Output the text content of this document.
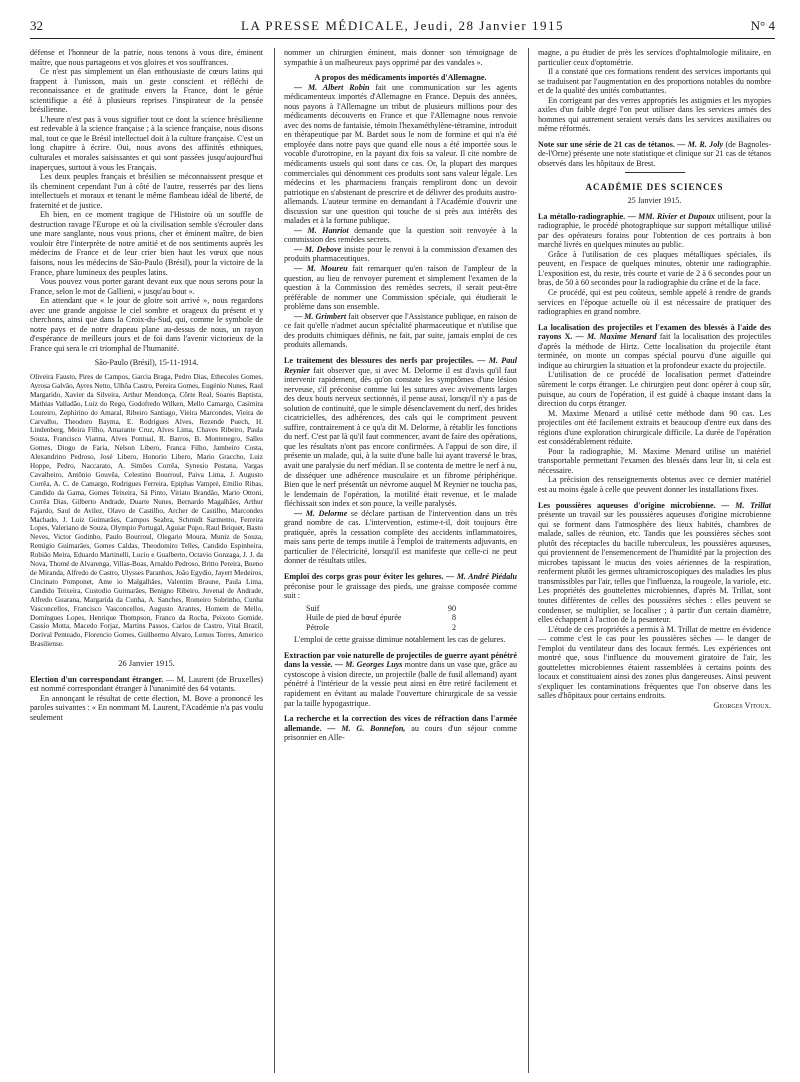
32	LA PRESSE MÉDICALE, Jeudi, 28 Janvier 1915	N° 4

défense et l'honneur de la patrie, nous tenons à vous dire, éminent maître, que nous partageons et vos gloires et vos souffrances.

Ce n'est pas simplement un élan enthousiaste de cœurs latins qui frappent à l'unisson, mais un geste conscient et réfléchi de reconnaissance et de gratitude envers la France, dont le génie scientifique a été à plusieurs reprises l'inspirateur de la pensée brésilienne.

L'heure n'est pas à vous signifier tout ce dont la science brésilienne est redevable à la science française ; à la science française, nous disons mal, tout ce que le Brésil intellectuel doit à la culture française. C'est un long chapitre à écrire. Oui, nous avons des affinités ethniques, culturales et morales saisissantes et qui sont passées jusqu'aujourd'hui inaperçues, surtout à vous les Français.

Les deux peuples français et brésilien se méconnaissent presque et ils cheminent cependant l'un à côté de l'autre, resserrés par des liens intellectuels et moraux et tenant le même flambeau idéal de liberté, de fraternité et de justice.

Eh bien, en ce moment tragique de l'Histoire où un souffle de destruction ravage l'Europe et où la civilisation semble s'écrouler dans une mare sanglante, nous vous prions, cher et éminent maître, de bien vouloir être l'interprète de notre amitié et de nos sentiments auprès les médecins de France et de leur crier bien haut les vœux que nous faisons, nous les médecins de São-Paulo (Brésil), pour la victoire de la France, phare lumineux des peuples latins.

Vous pouvez vous porter garant devant eux que nous serons pour la France, selon le mot de Gallieni, « jusqu'au bout ».

En attendant que « le jour de gloire soit arrivé », nous regardons avec une grande angoisse le ciel sombre et orageux du présent et y cherchons, ainsi que dans la Croix-du-Sud, qui, comme le symbole de notre pays et de notre drapeau plane au-dessus de nous, un rayon d'espérance de meilleurs jours et de foi dans l'avenir victorieux de la France qui sera le cri triomphal de l'humanité.

São-Paulo (Brésil), 15-11-1914.

Oliveira Fausto, Pires de Campos, Garcia Braga, Pedro Dias, Ethecoles Gomes, Ayrosa Galvão, Ayres Netto, Ulhôa Castro, Pereira Gomes, Eugénio Nunes, Raul Margarido, Xavier da Silveira, Arthur Mendonça, Côrte Real, Soares Baptista, Mathias Valladão, Luiz do Rego, Godofredo Wilken, Mello Camargo, Casimira Loureiro, Zephirino do Amaral, Ribeiro Santiago, Vieira Marcondes, Vieira de Carvalho, Theodoro Bayma, E. Rodrigues Alves, Rezende Puech, H. Lindenberg, Meira Filho, Amarante Cruz, Alves Lima, Chaves Ribeiro, Paula Souza, Francisco Vianna, Alves Pontual, R. Barros, B. Montenegro, Salles Gomes, Diogo de Faria, Nelson Libero, Franca Filho, Jambeiro Costa, Alexandrino Pedroso, José Libero, Honorio Libero, Mario Graccho, Luiz Hoppe, Pedro, Naccarato, A. Simões Corrêa, Synesio Pestana, Vargas Cavalheiro, Antônio Gouvêa, Celestino Bourroul, Paiva Lima, J. Augusto Corrêa, A. C. de Camargo, Rodrigues Ferreira, Epiphas Vampré, Emilio Ribas, Candido da Gama, Gomes Teixeira, Sá Pinto, Viriato Brandão, Mario Ottoni, Corrêa Dias, Gilberto Andrade, Duarte Nunes, Bernardo Magalhães, Arthur Fajardo, Saul de Avilez, Olavo de Castilho, Archer de Castilho, Marcondes Machado, J. Luiz Guimarães, Campos Seabra, Schmidt Sarmento, Ferreira Lopes, Valeriano de Souza, Olympio Portugal, Aguiar Pupo, Raul Briquet, Basto Neves, Victor Godinho, Paulo Bourroul, Olegario Moura, Muniz de Souza, Remigio Guimarães, Gomes Caldas, Theodomiro Telles, Candido Espinheira, Rubião Meira, Eduardo Martinelli, Lucio e Gualberto, Octavio Gonzaga, J. J. da Nova, Thomé de Alvarenga, Villas-Boas, Arnaldo Pedroso, Britto Pereira, Bueno de Miranda, Alfredo de Castro, Ulysses Paranhos, João Egydio, Jayert Medeiros, Cincinato Pomponet, Ame io Malgalhães, Valentim Braune, Paula Lima, Candido Teixeira, Custodio Guimarães, Benigno Ribeiro, Juvenal de Andrade, Alfredo Guarana, Margarida da Cunha, A. Sanches, Romeiro Sobrinho, Cunha Vasconcellos, Francisco Vasconcellos, Augusto Arantes, Homem de Mello, Domingues Lopes, Henrique Thompson, Franco da Rocha, Peixoto Gomide, Cassio Motta, Macedo Forjaz, Martins Passos, Carlos de Castro, Vital Brazil, Dorival Penteado, Florencio Gomes, Guilhermo Alvaro, Lemos Torres, Americo Brasiliense.

26 Janvier 1915.

Election d'un correspondant étranger. — M. Laurent (de Bruxelles) est nommé correspondant étranger à l'unanimité des 64 votants.

En annonçant le résultat de cette élection, M. Bove a prononcé les paroles suivantes : « En nommant M. Laurent, l'Académie n'a pas voulu seulement

nommer un chirurgien éminent, mais donner son témoignage de sympathie à un malheureux pays opprimé par des vandales ».

A propos des médicaments importés d'Allemagne.

— M. Albert Robin fait une communication sur les agents médicamenteux importés d'Allemagne en France. Depuis des années, nous payons à l'Allemagne un tribut de plusieurs millions pour des médicaments découverts en France et que l'Allemagne nous renvoie avec des noms de fantaisie, témoin l'hexaméthylène-tétramine, introduit en thérapeutique par M. Bardet sous le nom de formine et qui n'a été employée dans notre pays que quand elle nous a été importée sous le vocable d'urotropine, en la payant dix fois sa valeur. Il cite nombre de médicaments usuels qui sont dans ce cas. Or, la plupart des marques commerciales qui dénomment ces produits sont sans valeur légale. Les médecins et les pharmaciens français rempliront donc un devoir patriotique en s'abstenant de prescrire et de délivrer des produits austro-allemands. L'auteur termine en demandant à l'Académie d'ouvrir une discussion sur une question qui touche de si près aux intérêts des malades et à la fortune publique.

— M. Hanriot demande que la question soit renvoyée à la commission des remèdes secrets.

— M. Debove insiste pour le renvoi à la commission d'examen des produits pharmaceutiques.

— M. Moureu fait remarquer qu'en raison de l'ampleur de la question, au lieu de renvoyer purement et simplement l'examen de la question à la Commission des remèdes secrets, il serait peut-être préférable de nommer une Commission spéciale, qui étudierait le problème dans son ensemble.

— M. Grimbert fait observer que l'Assistance publique, en raison de ce fait qu'elle n'admet aucun spécialité pharmaceutique et n'utilise que des produits chimiques définis, ne fait, par suite, jamais emploi de ces produits allemands.

Le traitement des blessures des nerfs par projectiles. — M. Paul Reynier fait observer que, si avec M. Delorme il est d'avis qu'il faut intervenir rapidement, dès qu'on constate les symptômes d'une lésion nerveuse, s'il préconise comme lui les sutures avec avivements larges des deux bouts nerveux sectionnés, il pense aussi, lorsqu'il n'y a pas de solution de continuité, que le simple désenclavement du nerf, des brides cicatricielles, des adhérences, des cals qui le compriment peuvent suffire, contrairement à ce qu'a dit M. Delorme, à rétablir les fonctions du nerf. C'est par là qu'il faut commencer, avant de faire des opérations, que les résultats n'ont pas encore confirmées. A l'appui de son dire, il présente un malade, qui, à la suite d'une balle lui ayant traversé le bras, avait une paralysie du nerf médian. Il se contenta de mettre le nerf à nu, de disséquer une adhérence musculaire et un fibrome périphérique. Bien que le nerf présentât un névrome auquel M Reynier ne toucha pas, le lendemain de l'opération, la motilité était revenue, et le malade fléchissait son index et son pouce, la veille paralysés.

— M. Delorme se déclare partisan de l'intervention dans un très grand nombre de cas. L'intervention, estime-t-il, doit toujours être pratiquée, après la cessation complète des accidents inflammatoires, mais sans perte de temps inutile à l'emploi de traitements adjuvants, en particulier de l'électricité, lorsqu'il est manifeste que celle-ci ne peut donner de résultats utiles.

Emploi des corps gras pour éviter les gelures. — M. André Piédalu préconise pour le graissage des pieds, une graisse composée comme suit :

Suif	90
Huile de pied de bœuf épurée	8
Pétrole	2

L'emploi de cette graisse diminue notablement les cas de gelures.

Extraction par voie naturelle de projectiles de guerre ayant pénétré dans la vessie. — M. Georges Luys montre dans un vase que, grâce au cystoscope à vision directe, un projectile (balle de fusil allemand) ayant pénétré à l'intérieur de la vessie peut ainsi en être retiré facilement et rapidement en évitant au malade l'ouverture chirurgicale de sa vessie par la taille hypogastrique.

La recherche et la correction des vices de réfraction dans l'armée allemande. — M. G. Bonnefon, au cours d'un séjour comme prisonnier en Alle-

magne, a pu étudier de près les services d'ophtalmologie militaire, en particulier ceux d'optométrie.

Il a constaté que ces formations rendent des services importants qui se traduisent par l'augmentation en des proportions notables du nombre et de la qualité des unités combattantes.

En corrigeant par des verres appropriés les astigmies et les myopies axiles d'un faible degré l'on peut utiliser dans les services armés des hommes qui autrement seraient versés dans les services auxiliaires ou même réformés.

Note sur une série de 21 cas de tétanos. — M. R. Joly (de Bagnoles-de-l'Orne) présente une note statistique et clinique sur 21 cas de tétanos observés dans les hôpitaux de Brest.

ACADÉMIE DES SCIENCES

25 Janvier 1915.

La métallo-radiographie. — MM. Rivier et Dupoux utilisent, pour la radiographie, le procédé photographique sur support métallique utilisé par des opérateurs forains pour l'obtention de ces portraits à bon marché livrés en quelques minutes au public.

Grâce à l'utilisation de ces plaques métalliques spéciales, ils peuvent, en l'espace de quelques minutes, obtenir une radiographie. L'exposition est, du reste, très courte et varie de 2 à 6 secondes pour un bras, de 50 à 60 secondes pour la radiographie du crâne et de la face.

Ce procédé, qui est peu coûteux, semble appelé à rendre de grands services en l'époque actuelle où il est nécessaire de pratiquer des radiographies en grand nombre.

La localisation des projectiles et l'examen des blessés à l'aide des rayons X. — M. Maxime Menard fait la localisation des projectiles d'après la méthode de Hirtz. Cette localisation du projectile étant terminée, on monte un compas spécial pourvu d'une aiguille qui indique au chirurgien la situation et la profondeur exacte du projectile.

L'utilisation de ce procédé de localisation permet d'atteindre sûrement le corps étranger. Le chirurgien peut donc opérer à coup sûr, puisque, au cours de l'opération, il est guidé à chaque instant dans la direction du corps étranger.

M. Maxime Menard a utilisé cette méthode dans 90 cas. Les projectiles ont été facilement extraits et beaucoup d'entre eux dans des régions d'une exploration chirurgicale difficile. La durée de l'opération est considérablement réduite.

Pour la radiographie, M. Maxime Menard utilise un matériel transportable permettant l'examen des blessés dans leur lit, si cela est nécessaire.

La précision des renseignements obtenus avec ce dernier matériel est au moins égale à celle que peuvent donner les installations fixes.

Les poussières aqueuses d'origine microbienne. — M. Trillat présente un travail sur les poussières aqueuses d'origine microbienne qui se forment dans l'atmosphère des lieux habités, chambres de malade, salles de réunion, etc. Tandis que les poussières sèches sont plutôt des réceptacles du bacille tuberculeux, les poussières aqueuses, qui proviennent de l'ensemencement de l'humidité par la projection des microbes tapissant le mucus des voies aériennes de la respiration, renferment plutôt les germes ultramicroscopiques des maladies les plus transmissibles par l'air, telles que l'influenza, la rougeole, la variole, etc. Les propriétés des gouttelettes microbiennes, d'après M. Trillat, sont toutes différentes de celles des poussières sèches : elles peuvent se condenser, se multiplier, se localiser ; à partir d'un certain diamètre, elles échappent à l'action de la pesanteur.

L'étude de ces propriétés a permis à M. Trillat de mettre en évidence — comme c'est le cas pour les poussières sèches — le danger de l'emploi du ventilateur dans des locaux fermés. Les expériences ont montré que, sous l'influence du mouvement giratoire de l'air, les gouttelettes microbiennes étaient rassemblées à certains points des locaux et constituaient ainsi des zones plus dangereuses. Ainsi peuvent s'expliquer les contaminations fréquentes que l'on observe dans les salles d'hôpitaux pour certains endroits.

Georges Vitoux.
